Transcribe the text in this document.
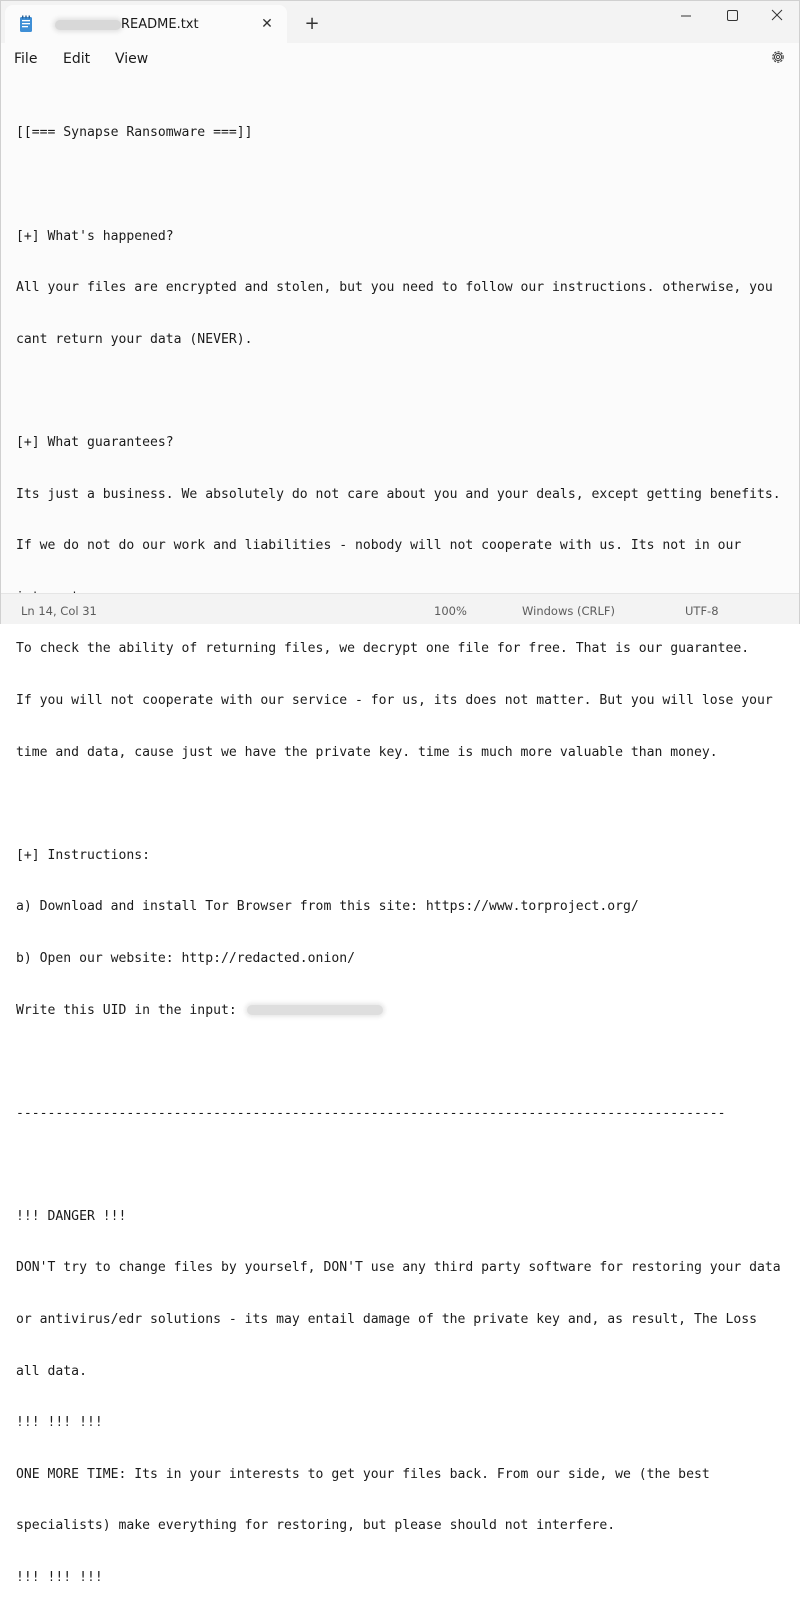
README.txt	✕ +
File Edit View

[[=== Synapse Ransomware ===]]

[+] What's happened?

All your files are encrypted and stolen, but you need to follow our instructions. otherwise, you

cant return your data (NEVER).

[+] What guarantees?

Its just a business. We absolutely do not care about you and your deals, except getting benefits.

If we do not do our work and liabilities - nobody will not cooperate with us. Its not in our

To check the ability of returning files, we decrypt one file for free. That is our guarantee.

If you will not cooperate with our service - for us, its does not matter. But you will lose your

time and data, cause just we have the private key. time is much more valuable than money.

[+] Instructions:

a) Download and install Tor Browser from this site: https://www.torproject.org/

b) Open our website: http://redacted.onion/

Write this UID in the input:

------------------------------------------------------------------------------------------

!!! DANGER !!!

DON'T try to change files by yourself, DON'T use any third party software for restoring your data

or antivirus/edr solutions - its may entail damage of the private key and, as result, The Loss

all data.

!!! !!! !!!

ONE MORE TIME: Its in your interests to get your files back. From our side, we (the best

specialists) make everything for restoring, but please should not interfere.

!!! !!! !!!

Ln 14, Col 31	100%	Windows (CRLF)	UTF-8
